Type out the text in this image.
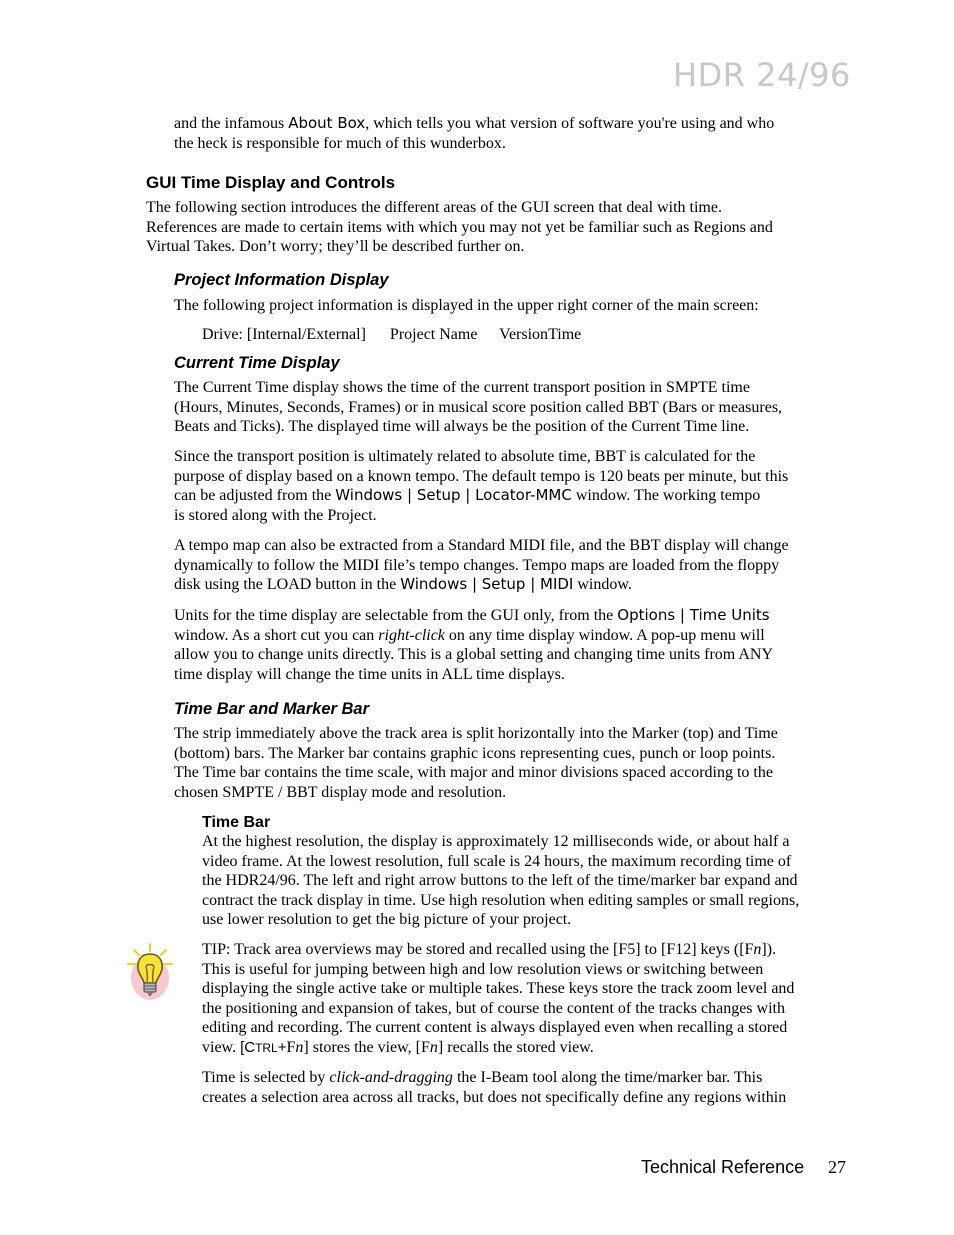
HDR 24/96
and the infamous About Box, which tells you what version of software you're using and who
the heck is responsible for much of this wunderbox.
GUI Time Display and Controls
The following section introduces the different areas of the GUI screen that deal with time.
References are made to certain items with which you may not yet be familiar such as Regions and
Virtual Takes. Don’t worry; they’ll be described further on.
Project Information Display
The following project information is displayed in the upper right corner of the main screen:
Drive: [Internal/External] Project Name VersionTime
Current Time Display
The Current Time display shows the time of the current transport position in SMPTE time
(Hours, Minutes, Seconds, Frames) or in musical score position called BBT (Bars or measures,
Beats and Ticks). The displayed time will always be the position of the Current Time line.
Since the transport position is ultimately related to absolute time, BBT is calculated for the
purpose of display based on a known tempo. The default tempo is 120 beats per minute, but this
can be adjusted from the Windows | Setup | Locator-MMC window. The working tempo
is stored along with the Project.
A tempo map can also be extracted from a Standard MIDI file, and the BBT display will change
dynamically to follow the MIDI file’s tempo changes. Tempo maps are loaded from the floppy
disk using the LOAD button in the Windows | Setup | MIDI window.
Units for the time display are selectable from the GUI only, from the Options | Time Units
window. As a short cut you can right-click on any time display window. A pop-up menu will
allow you to change units directly. This is a global setting and changing time units from ANY
time display will change the time units in ALL time displays.
Time Bar and Marker Bar
The strip immediately above the track area is split horizontally into the Marker (top) and Time
(bottom) bars. The Marker bar contains graphic icons representing cues, punch or loop points.
The Time bar contains the time scale, with major and minor divisions spaced according to the
chosen SMPTE / BBT display mode and resolution.
Time Bar
At the highest resolution, the display is approximately 12 milliseconds wide, or about half a
video frame. At the lowest resolution, full scale is 24 hours, the maximum recording time of
the HDR24/96. The left and right arrow buttons to the left of the time/marker bar expand and
contract the track display in time. Use high resolution when editing samples or small regions,
use lower resolution to get the big picture of your project.
TIP: Track area overviews may be stored and recalled using the [F5] to [F12] keys ([Fn]).
This is useful for jumping between high and low resolution views or switching between
displaying the single active take or multiple takes. These keys store the track zoom level and
the positioning and expansion of takes, but of course the content of the tracks changes with
editing and recording. The current content is always displayed even when recalling a stored
view. [CTRL+Fn] stores the view, [Fn] recalls the stored view.
Time is selected by click-and-dragging the I-Beam tool along the time/marker bar. This
creates a selection area across all tracks, but does not specifically define any regions within
Technical Reference 27
